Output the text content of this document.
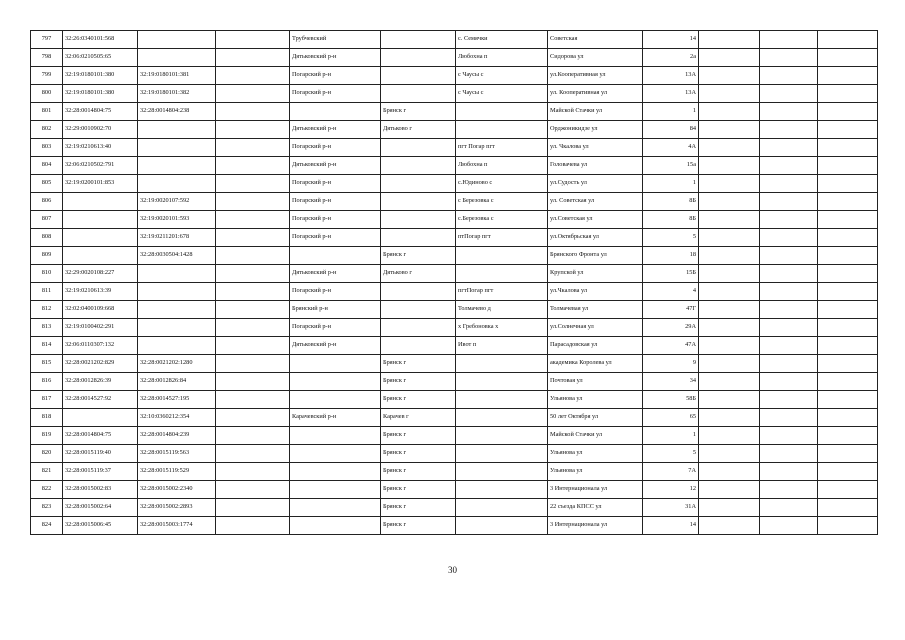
797	32:26:0340101:568			Трубчевский		с. Семячки	Советская	14			
798	32:06:0210505:65			Дятьковский р-н		Любохна п	Сидорова ул	2а			
799	32:19:0180101:380	32:19:0180101:381		Погарский р-н		с Чаусы с	ул.Кооперативная ул	13А			
800	32:19:0180101:380	32:19:0180101:382		Погарский р-н		с Чаусы с	ул. Кооперативная ул	13А			
801	32:28:0014804:75	32:28:0014804:238			Брянск г		Майской Стачки ул	1			
802	32:29:0010902:70			Дятьковский р-н	Дятьково г		Орджоникидзе ул	84			
803	32:19:0210613:40			Погарский р-н		пгт Погар пгт	ул. Чкалова ул	4А			
804	32:06:0210502:791			Дятьковский р-н		Любохна п	Головачева ул	15а			
805	32:19:0200101:853			Погарский р-н		с.Юдиново с	ул.Судость ул	1			
806		32:19:0020107:592		Погарский р-н		с Березовка с	ул. Советская ул	8Б			
807		32:19:0020101:593		Погарский р-н		с.Березовка с	ул.Советская ул	8Б			
808		32:19:0211201:678		Погарский р-н		птПогар пгт	ул.Октябрьская ул	5			
809		32:28:0030504:1428			Брянск г		Брянского Фронта ул	18			
810	32:29:0020108:227			Дятьковский р-н	Дятьково г		Крупской ул	15Б			
811	32:19:0210613:39			Погарский р-н		пгтПогар пгт	ул.Чкалова ул	4			
812	32:02:0400109:668			Брянский р-н		Толмачево д	Толмачевая ул	47Г			
813	32:19:0100402:291			Погарский р-н		х Гребоновка х	ул.Солнечная ул	29А			
814	32:06:0110307:132			Дятьковский р-н		Ивот п	Парасадовская ул	47А			
815	32:28:0021202:829	32:28:0021202:1280			Брянск г		академика Королева ул	9			
816	32:28:0012826:39	32:28:0012826:84			Брянск г		Почтовая ул	34			
817	32:28:0014527:92	32:28:0014527:195			Брянск г		Ульянова ул	58Б			
818		32:10:0360212:354		Карачевский р-н	Карачев г		50 лет Октября ул	65			
819	32:28:0014804:75	32:28:0014804:239			Брянск г		Майской Стачки ул	1			
820	32:28:0015119:40	32:28:0015119:563			Брянск г		Ульянова ул	5			
821	32:28:0015119:37	32:28:0015119:529			Брянск г		Ульянова ул	7А			
822	32:28:0015002:83	32:28:0015002:2340			Брянск г		3 Интернационала ул	12			
823	32:28:0015002:64	32:28:0015002:2893			Брянск г		22 съезда КПСС ул	31А			
824	32:28:0015006:45	32:28:0015003:1774			Брянск г		3 Интернационала ул	14			
30
